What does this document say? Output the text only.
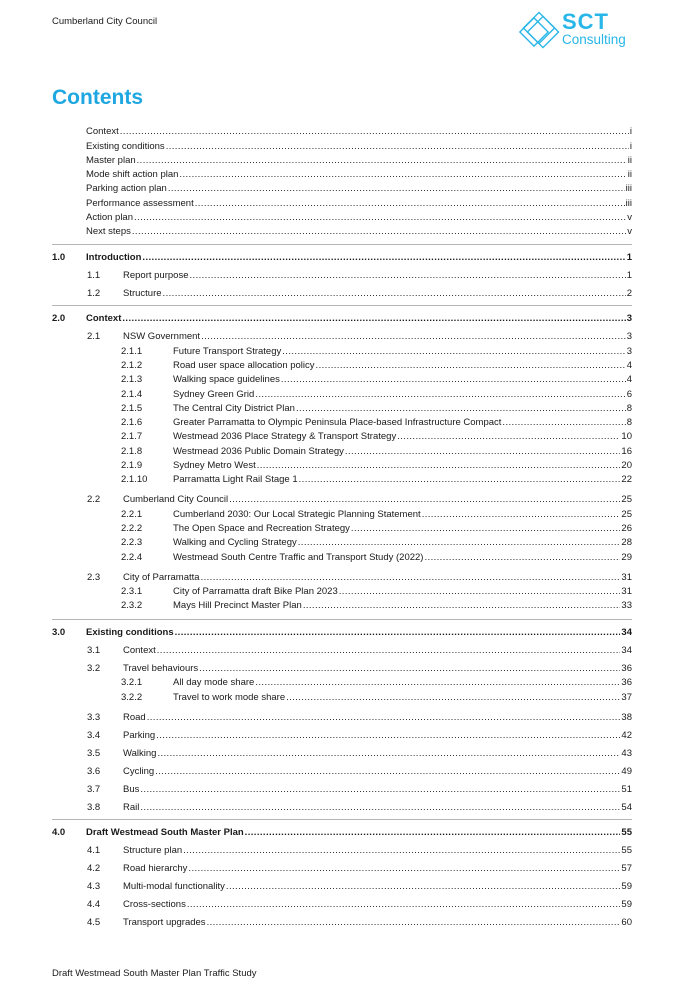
Cumberland City Council	SCT
Consulting
Contents
Context .....	i
Existing conditions .....	i
Master plan .....	ii
Mode shift action plan .....	ii
Parking action plan .....	iii
Performance assessment .....	iii
Action plan .....	v
Next steps .....	v
1.0	Introduction .....	1
1.1	Report purpose .....	1
1.2	Structure .....	2
2.0	Context .....	3
2.1	NSW Government .....	3
2.1.1	Future Transport Strategy .....	3
2.1.2	Road user space allocation policy .....	4
2.1.3	Walking space guidelines .....	4
2.1.4	Sydney Green Grid .....	6
2.1.5	The Central City District Plan .....	8
2.1.6	Greater Parramatta to Olympic Peninsula Place-based Infrastructure Compact .....	8
2.1.7	Westmead 2036 Place Strategy & Transport Strategy .....	10
2.1.8	Westmead 2036 Public Domain Strategy .....	16
2.1.9	Sydney Metro West .....	20
2.1.10	Parramatta Light Rail Stage 1 .....	22
2.2	Cumberland City Council .....	25
2.2.1	Cumberland 2030: Our Local Strategic Planning Statement .....	25
2.2.2	The Open Space and Recreation Strategy .....	26
2.2.3	Walking and Cycling Strategy .....	28
2.2.4	Westmead South Centre Traffic and Transport Study (2022) .....	29
2.3	City of Parramatta .....	31
2.3.1	City of Parramatta draft Bike Plan 2023 .....	31
2.3.2	Mays Hill Precinct Master Plan .....	33
3.0	Existing conditions .....	34
3.1	Context .....	34
3.2	Travel behaviours .....	36
3.2.1	All day mode share .....	36
3.2.2	Travel to work mode share .....	37
3.3	Road .....	38
3.4	Parking .....	42
3.5	Walking .....	43
3.6	Cycling .....	49
3.7	Bus .....	51
3.8	Rail .....	54
4.0	Draft Westmead South Master Plan .....	55
4.1	Structure plan .....	55
4.2	Road hierarchy .....	57
4.3	Multi-modal functionality .....	59
4.4	Cross-sections .....	59
4.5	Transport upgrades .....	60
Draft Westmead South Master Plan Traffic Study
